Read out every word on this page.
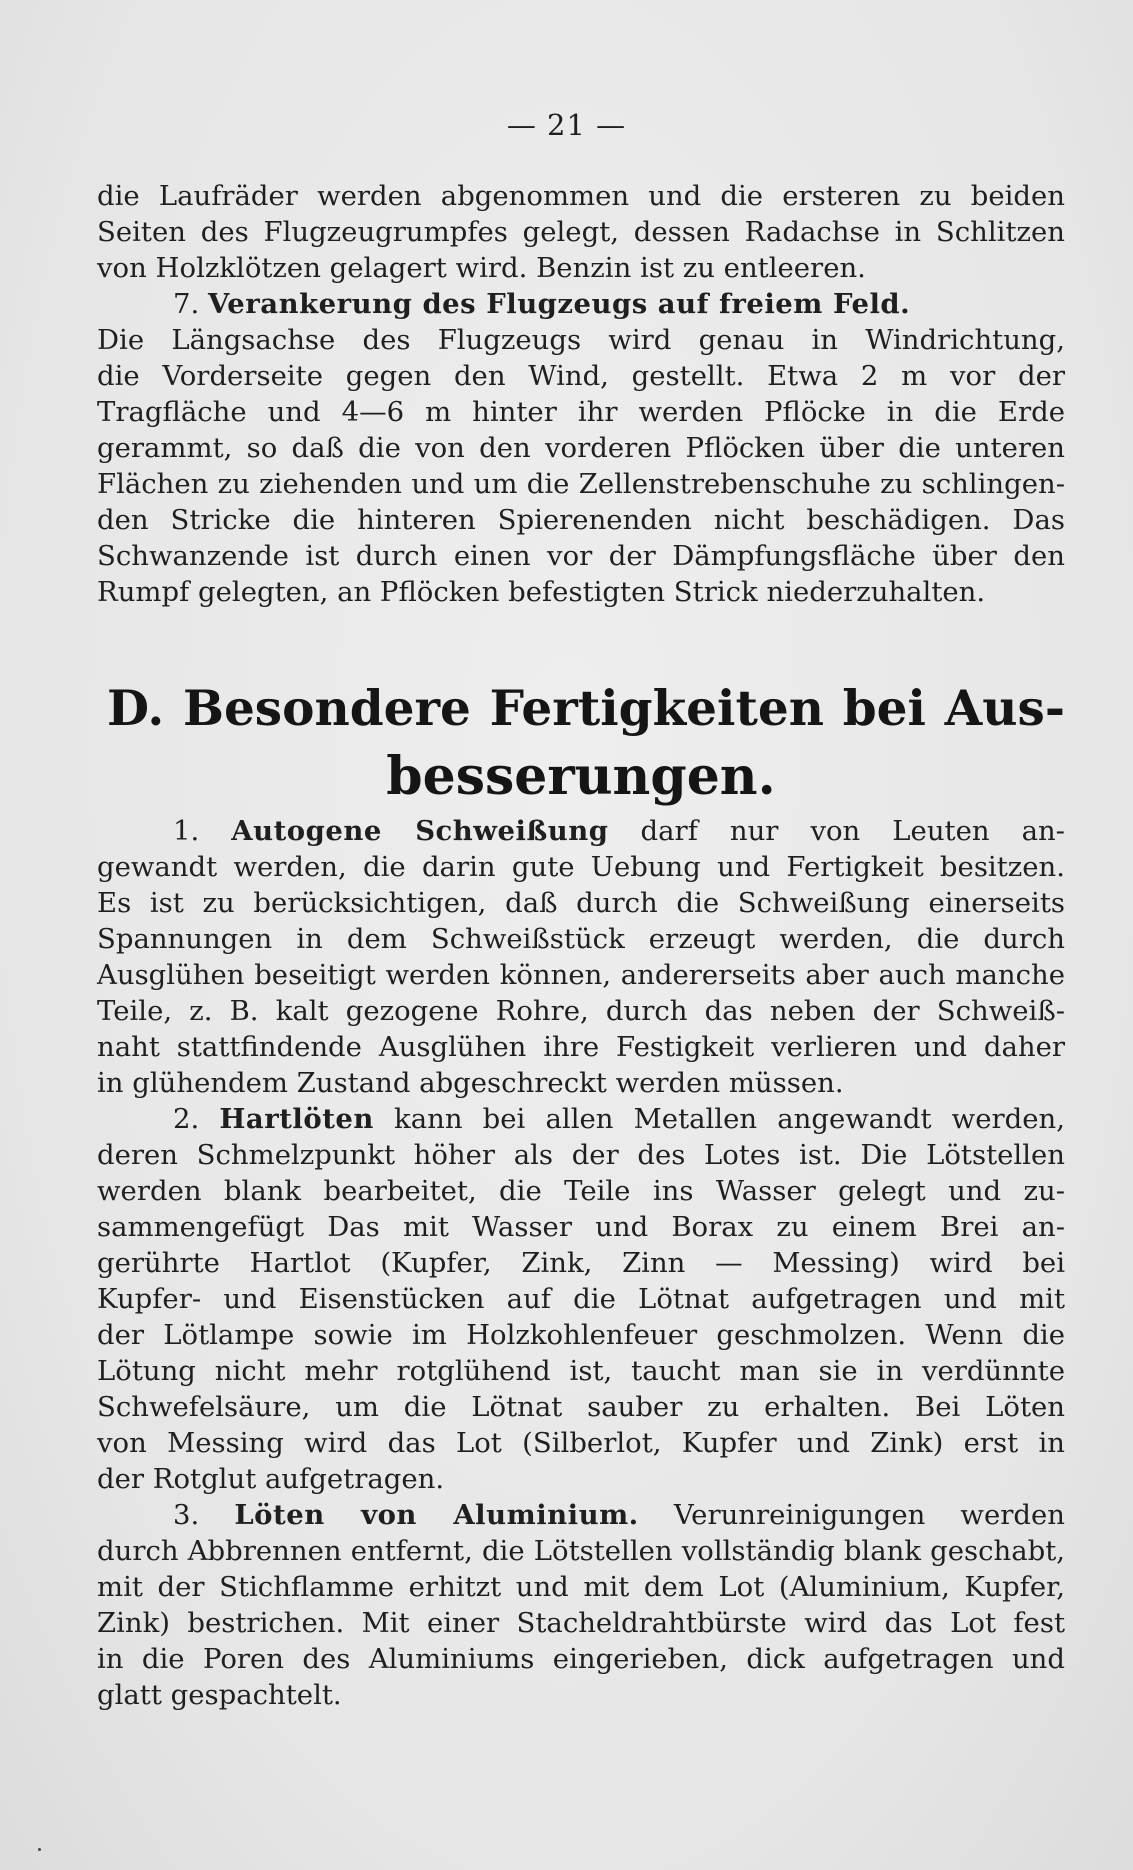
— 21 —
die Laufräder werden abgenommen und die ersteren zu beiden
Seiten des Flugzeugrumpfes gelegt, dessen Radachse in Schlitzen
von Holzklötzen gelagert wird. Benzin ist zu entleeren.
7. Verankerung des Flugzeugs auf freiem Feld.
Die Längsachse des Flugzeugs wird genau in Windrichtung,
die Vorderseite gegen den Wind, gestellt. Etwa 2 m vor der
Tragfläche und 4—6 m hinter ihr werden Pflöcke in die Erde
gerammt, so daß die von den vorderen Pflöcken über die unteren
Flächen zu ziehenden und um die Zellenstrebenschuhe zu schlingen-
den Stricke die hinteren Spierenenden nicht beschädigen. Das
Schwanzende ist durch einen vor der Dämpfungsfläche über den
Rumpf gelegten, an Pflöcken befestigten Strick niederzuhalten.
D. Besondere Fertigkeiten bei Aus-
besserungen.
1. Autogene Schweißung darf nur von Leuten an-
gewandt werden, die darin gute Uebung und Fertigkeit besitzen.
Es ist zu berücksichtigen, daß durch die Schweißung einerseits
Spannungen in dem Schweißstück erzeugt werden, die durch
Ausglühen beseitigt werden können, andererseits aber auch manche
Teile, z. B. kalt gezogene Rohre, durch das neben der Schweiß-
naht stattfindende Ausglühen ihre Festigkeit verlieren und daher
in glühendem Zustand abgeschreckt werden müssen.
2. Hartlöten kann bei allen Metallen angewandt werden,
deren Schmelzpunkt höher als der des Lotes ist. Die Lötstellen
werden blank bearbeitet, die Teile ins Wasser gelegt und zu-
sammengefügt Das mit Wasser und Borax zu einem Brei an-
gerührte Hartlot (Kupfer, Zink, Zinn — Messing) wird bei
Kupfer- und Eisenstücken auf die Lötnat aufgetragen und mit
der Lötlampe sowie im Holzkohlenfeuer geschmolzen. Wenn die
Lötung nicht mehr rotglühend ist, taucht man sie in verdünnte
Schwefelsäure, um die Lötnat sauber zu erhalten. Bei Löten
von Messing wird das Lot (Silberlot, Kupfer und Zink) erst in
der Rotglut aufgetragen.
3. Löten von Aluminium. Verunreinigungen werden
durch Abbrennen entfernt, die Lötstellen vollständig blank geschabt,
mit der Stichflamme erhitzt und mit dem Lot (Aluminium, Kupfer,
Zink) bestrichen. Mit einer Stacheldrahtbürste wird das Lot fest
in die Poren des Aluminiums eingerieben, dick aufgetragen und
glatt gespachtelt.
